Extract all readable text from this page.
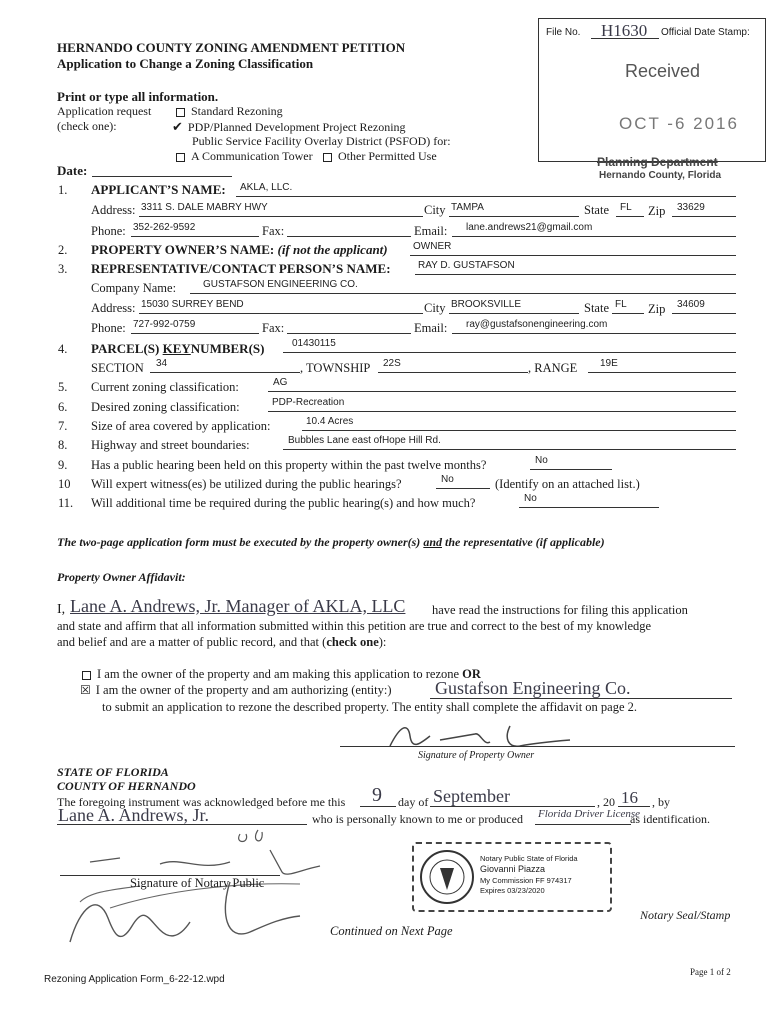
File No. H1630 Official Date Stamp:
Received
OCT -6 2016
Planning Department
Hernando County, Florida
HERNANDO COUNTY ZONING AMENDMENT PETITION
Application to Change a Zoning Classification
Print or type all information.
Application request
(check one):
Standard Rezoning
✔ PDP/Planned Development Project Rezoning
Public Service Facility Overlay District (PSFOD) for:
A Communication Tower	Other Permitted Use
Date:
1.	APPLICANT’S NAME: AKLA, LLC.
Address: 3311 S. DALE MABRY HWY	City TAMPA	State FL Zip 33629
Phone: 352-262-9592	Fax:	Email: lane.andrews21@gmail.com
2.	PROPERTY OWNER’S NAME: (if not the applicant)	OWNER
3.	REPRESENTATIVE/CONTACT PERSON’S NAME:	RAY D. GUSTAFSON
Company Name:	GUSTAFSON ENGINEERING CO.
Address: 15030 SURREY BEND	City BROOKSVILLE	State FL Zip 34609
Phone: 727-992-0759	Fax:	Email: ray@gustafsonengineering.com
4.	PARCEL(S) KEYNUMBER(S)	01430115
SECTION 34	, TOWNSHIP 22S	, RANGE 19E
5.	Current zoning classification:	AG
6.	Desired zoning classification:	PDP-Recreation
7.	Size of area covered by application:	10.4 Acres
8.	Highway and street boundaries:	Bubbles Lane east ofHope Hill Rd.
9.	Has a public hearing been held on this property within the past twelve months?	No
10	Will expert witness(es) be utilized during the public hearings?	No	(Identify on an attached list.)
11.	Will additional time be required during the public hearing(s) and how much?	No
The two-page application form must be executed by the property owner(s) and the representative (if applicable)
Property Owner Affidavit:
I, Lane A. Andrews, Jr. Manager of AKLA, LLC have read the instructions for filing this application
and state and affirm that all information submitted within this petition are true and correct to the best of my knowledge
and belief and are a matter of public record, and that (check one):
I am the owner of the property and am making this application to rezone OR
☒ I am the owner of the property and am authorizing (entity:) Gustafson Engineering Co.
to submit an application to rezone the described property. The entity shall complete the affidavit on page 2.
Signature of Property Owner
STATE OF FLORIDA
COUNTY OF HERNANDO
The foregoing instrument was acknowledged before me this 9 day of September	, 20 16 , by
Lane A. Andrews, Jr.	who is personally known to me or produced Florida Driver License
as identification.
Signature of Notary Public
Notary Public State of Florida
Giovanni Piazza
My Commission FF 974317
Expires 03/23/2020
Notary Seal/Stamp
Continued on Next Page
Rezoning Application Form_6-22-12.wpd
Page 1 of 2
